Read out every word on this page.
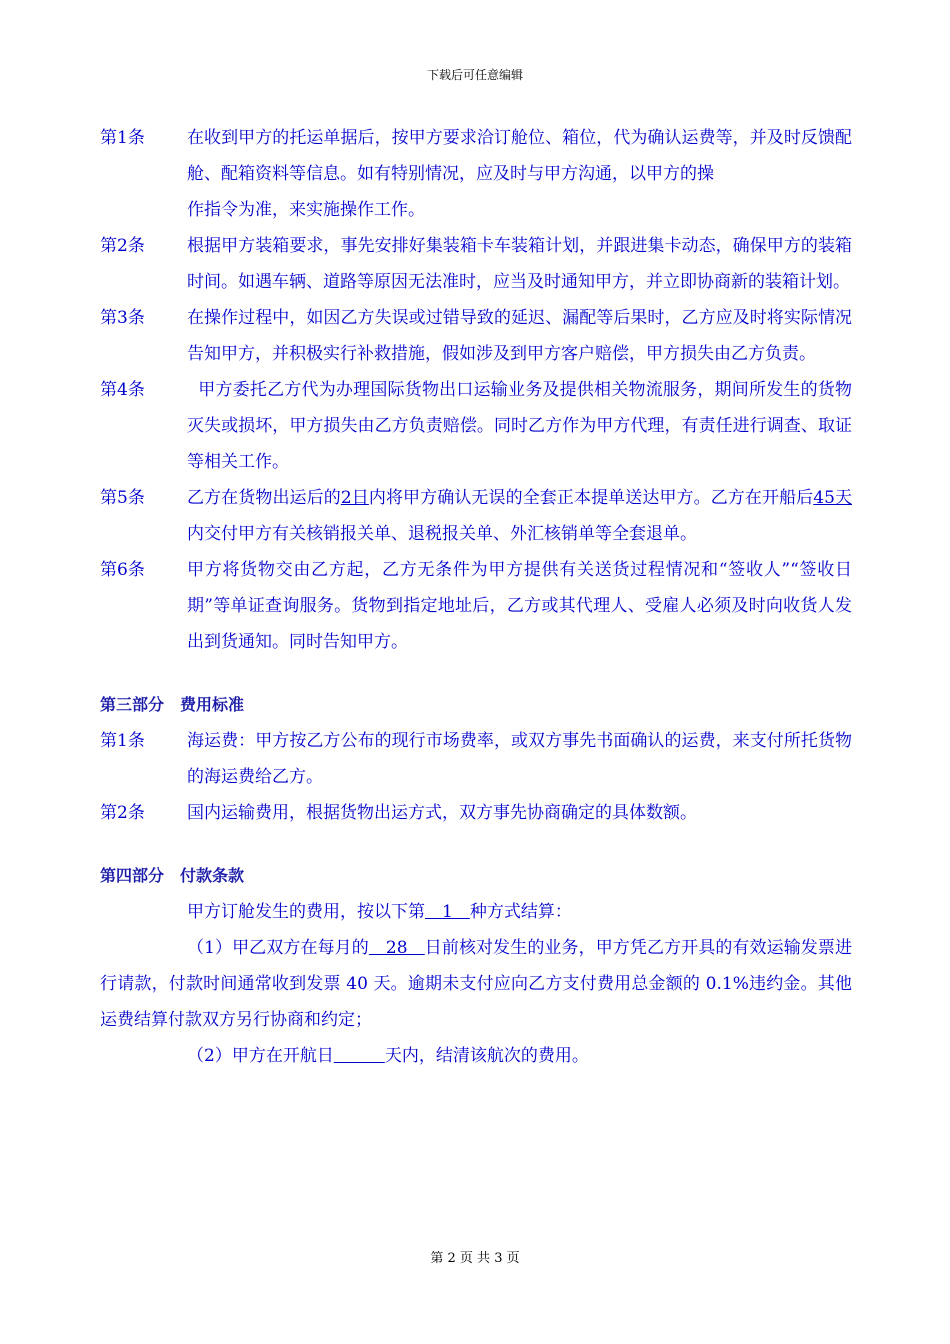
下载后可任意编辑
第1条	在收到甲方的托运单据后，按甲方要求洽订舱位、箱位，代为确认运费等，并及时反馈配舱、配箱资料等信息。如有特别情况，应及时与甲方沟通，以甲方的操

作指令为准，来实施操作工作。

第2条	根据甲方装箱要求，事先安排好集装箱卡车装箱计划，并跟进集卡动态，确保甲方的装箱时间。如遇车辆、道路等原因无法准时，应当及时通知甲方，并立即协商新的装箱计划。

第3条	在操作过程中，如因乙方失误或过错导致的延迟、漏配等后果时，乙方应及时将实际情况告知甲方，并积极实行补救措施，假如涉及到甲方客户赔偿，甲方损失由乙方负责。

第4条	甲方委托乙方代为办理国际货物出口运输业务及提供相关物流服务，期间所发生的货物灭失或损坏，甲方损失由乙方负责赔偿。同时乙方作为甲方代理，有责任进行调查、取证等相关工作。

第5条	乙方在货物出运后的2日内将甲方确认无误的全套正本提单送达甲方。乙方在开船后45天内交付甲方有关核销报关单、退税报关单、外汇核销单等全套退单。

第6条	甲方将货物交由乙方起，乙方无条件为甲方提供有关送货过程情况和“签收人”“签收日期”等单证查询服务。货物到指定地址后，乙方或其代理人、受雇人必须及时向收货人发出到货通知。同时告知甲方。

第三部分　费用标准
第1条	海运费：甲方按乙方公布的现行市场费率，或双方事先书面确认的运费，来支付所托货物的海运费给乙方。

第2条	国内运输费用，根据货物出运方式，双方事先协商确定的具体数额。

第四部分　付款条款

甲方订舱发生的费用，按以下第　1　种方式结算：

（1）甲乙双方在每月的　28　日前核对发生的业务，甲方凭乙方开具的有效运输发票进行请款，付款时间通常收到发票 40 天。逾期未支付应向乙方支付费用总金额的 0.1%违约金。其他运费结算付款双方另行协商和约定；

（2）甲方在开航日　　　	天内，结清该航次的费用。

第 2 页 共 3 页
